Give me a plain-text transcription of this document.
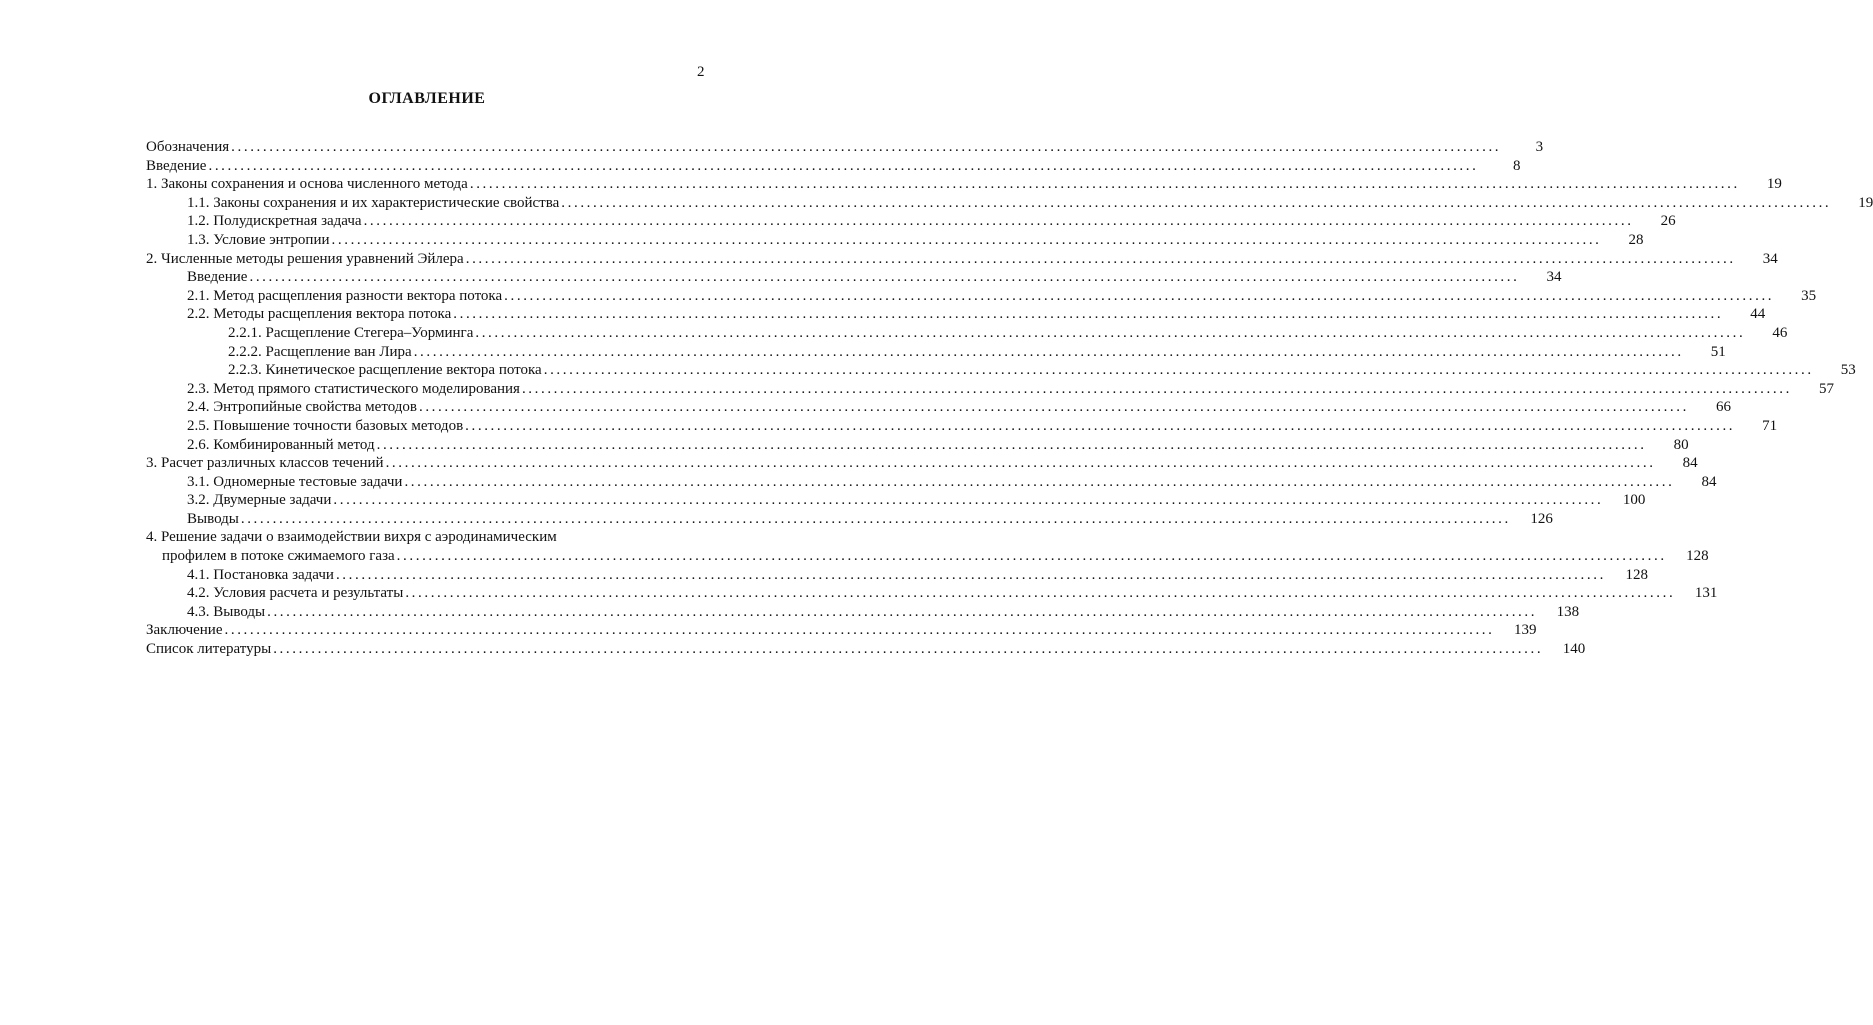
2
ОГЛАВЛЕНИЕ
Обозначения ........................................................................................................................................................................................................	3
Введение ........................................................................................................................................................................................................	8
1. Законы сохранения и основа численного метода ........................................................................................................................................................................................................	19
1.1. Законы сохранения и их характеристические свойства ........................................................................................................................................................................................................	19
1.2. Полудискретная задача ........................................................................................................................................................................................................	26
1.3. Условие энтропии ........................................................................................................................................................................................................	28
2. Численные методы решения уравнений Эйлера ........................................................................................................................................................................................................	34
Введение ........................................................................................................................................................................................................	34
2.1. Метод расщепления разности вектора потока ........................................................................................................................................................................................................	35
2.2. Методы расщепления вектора потока ........................................................................................................................................................................................................	44
2.2.1. Расщепление Стегера–Уорминга ........................................................................................................................................................................................................	46
2.2.2. Расщепление ван Лира ........................................................................................................................................................................................................	51
2.2.3. Кинетическое расщепление вектора потока ........................................................................................................................................................................................................	53
2.3. Метод прямого статистического моделирования ........................................................................................................................................................................................................	57
2.4. Энтропийные свойства методов ........................................................................................................................................................................................................	66
2.5. Повышение точности базовых методов ........................................................................................................................................................................................................	71
2.6. Комбинированный метод ........................................................................................................................................................................................................	80
3. Расчет различных классов течений ........................................................................................................................................................................................................	84
3.1. Одномерные тестовые задачи ........................................................................................................................................................................................................	84
3.2. Двумерные задачи ........................................................................................................................................................................................................	100
Выводы ........................................................................................................................................................................................................	126
4. Решение задачи о взаимодействии вихря с аэродинамическим
профилем в потоке сжимаемого газа ........................................................................................................................................................................................................	128
4.1. Постановка задачи ........................................................................................................................................................................................................	128
4.2. Условия расчета и результаты ........................................................................................................................................................................................................	131
4.3. Выводы ........................................................................................................................................................................................................	138
Заключение ........................................................................................................................................................................................................	139
Список литературы ........................................................................................................................................................................................................	140
